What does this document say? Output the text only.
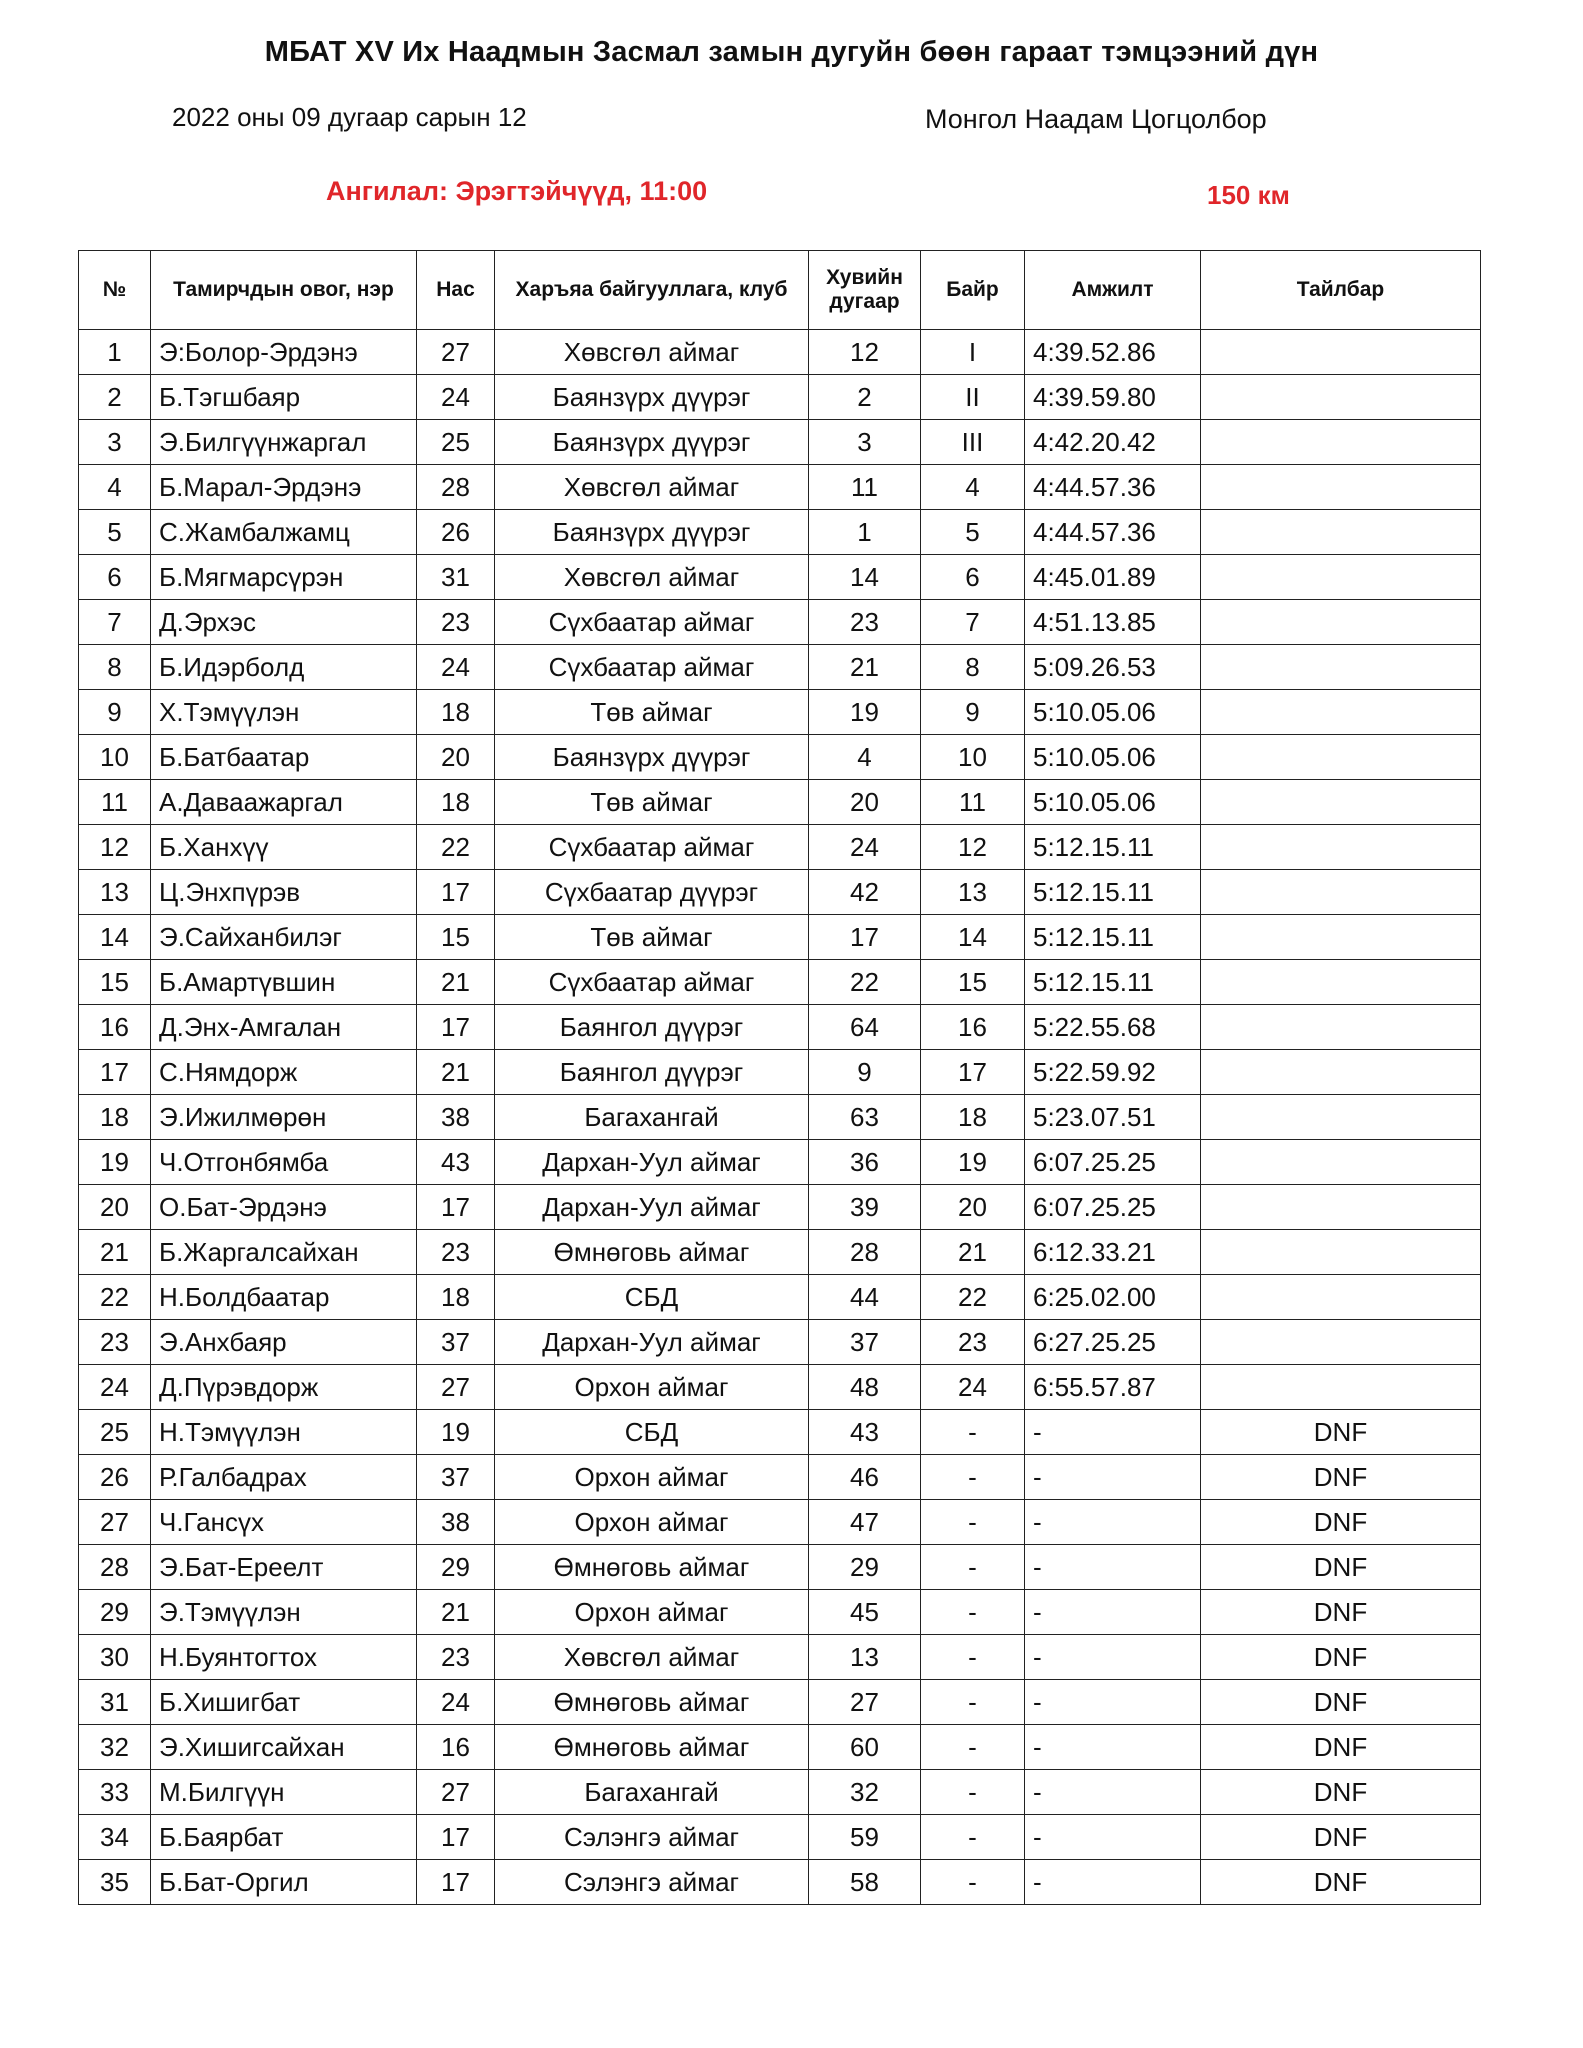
МБАТ XV Их Наадмын Засмал замын дугуйн бөөн гараат тэмцээний дүн
2022 оны 09 дугаар сарын 12	Монгол Наадам Цогцолбор
Ангилал: Эрэгтэйчүүд, 11:00	150 км
№	Тамирчдын овог, нэр	Нас	Харъяа байгууллага, клуб	Хувийн дугаар	Байр	Амжилт	Тайлбар
1	Э:Болор-Эрдэнэ	27	Хөвсгөл аймаг	12	I	4:39.52.86	
2	Б.Тэгшбаяр	24	Баянзүрх дүүрэг	2	II	4:39.59.80	
3	Э.Билгүүнжаргал	25	Баянзүрх дүүрэг	3	III	4:42.20.42	
4	Б.Марал-Эрдэнэ	28	Хөвсгөл аймаг	11	4	4:44.57.36	
5	С.Жамбалжамц	26	Баянзүрх дүүрэг	1	5	4:44.57.36	
6	Б.Мягмарсүрэн	31	Хөвсгөл аймаг	14	6	4:45.01.89	
7	Д.Эрхэс	23	Сүхбаатар аймаг	23	7	4:51.13.85	
8	Б.Идэрболд	24	Сүхбаатар аймаг	21	8	5:09.26.53	
9	Х.Тэмүүлэн	18	Төв аймаг	19	9	5:10.05.06	
10	Б.Батбаатар	20	Баянзүрх дүүрэг	4	10	5:10.05.06	
11	А.Даваажаргал	18	Төв аймаг	20	11	5:10.05.06	
12	Б.Ханхүү	22	Сүхбаатар аймаг	24	12	5:12.15.11	
13	Ц.Энхпүрэв	17	Сүхбаатар дүүрэг	42	13	5:12.15.11	
14	Э.Сайханбилэг	15	Төв аймаг	17	14	5:12.15.11	
15	Б.Амартүвшин	21	Сүхбаатар аймаг	22	15	5:12.15.11	
16	Д.Энх-Амгалан	17	Баянгол дүүрэг	64	16	5:22.55.68	
17	С.Нямдорж	21	Баянгол дүүрэг	9	17	5:22.59.92	
18	Э.Ижилмөрөн	38	Багахангай	63	18	5:23.07.51	
19	Ч.Отгонбямба	43	Дархан-Уул аймаг	36	19	6:07.25.25	
20	О.Бат-Эрдэнэ	17	Дархан-Уул аймаг	39	20	6:07.25.25	
21	Б.Жаргалсайхан	23	Өмнөговь аймаг	28	21	6:12.33.21	
22	Н.Болдбаатар	18	СБД	44	22	6:25.02.00	
23	Э.Анхбаяр	37	Дархан-Уул аймаг	37	23	6:27.25.25	
24	Д.Пүрэвдорж	27	Орхон аймаг	48	24	6:55.57.87	
25	Н.Тэмүүлэн	19	СБД	43	-	-	DNF
26	Р.Галбадрах	37	Орхон аймаг	46	-	-	DNF
27	Ч.Гансүх	38	Орхон аймаг	47	-	-	DNF
28	Э.Бат-Ереелт	29	Өмнөговь аймаг	29	-	-	DNF
29	Э.Тэмүүлэн	21	Орхон аймаг	45	-	-	DNF
30	Н.Буянтогтох	23	Хөвсгөл аймаг	13	-	-	DNF
31	Б.Хишигбат	24	Өмнөговь аймаг	27	-	-	DNF
32	Э.Хишигсайхан	16	Өмнөговь аймаг	60	-	-	DNF
33	М.Билгүүн	27	Багахангай	32	-	-	DNF
34	Б.Баярбат	17	Сэлэнгэ аймаг	59	-	-	DNF
35	Б.Бат-Оргил	17	Сэлэнгэ аймаг	58	-	-	DNF
